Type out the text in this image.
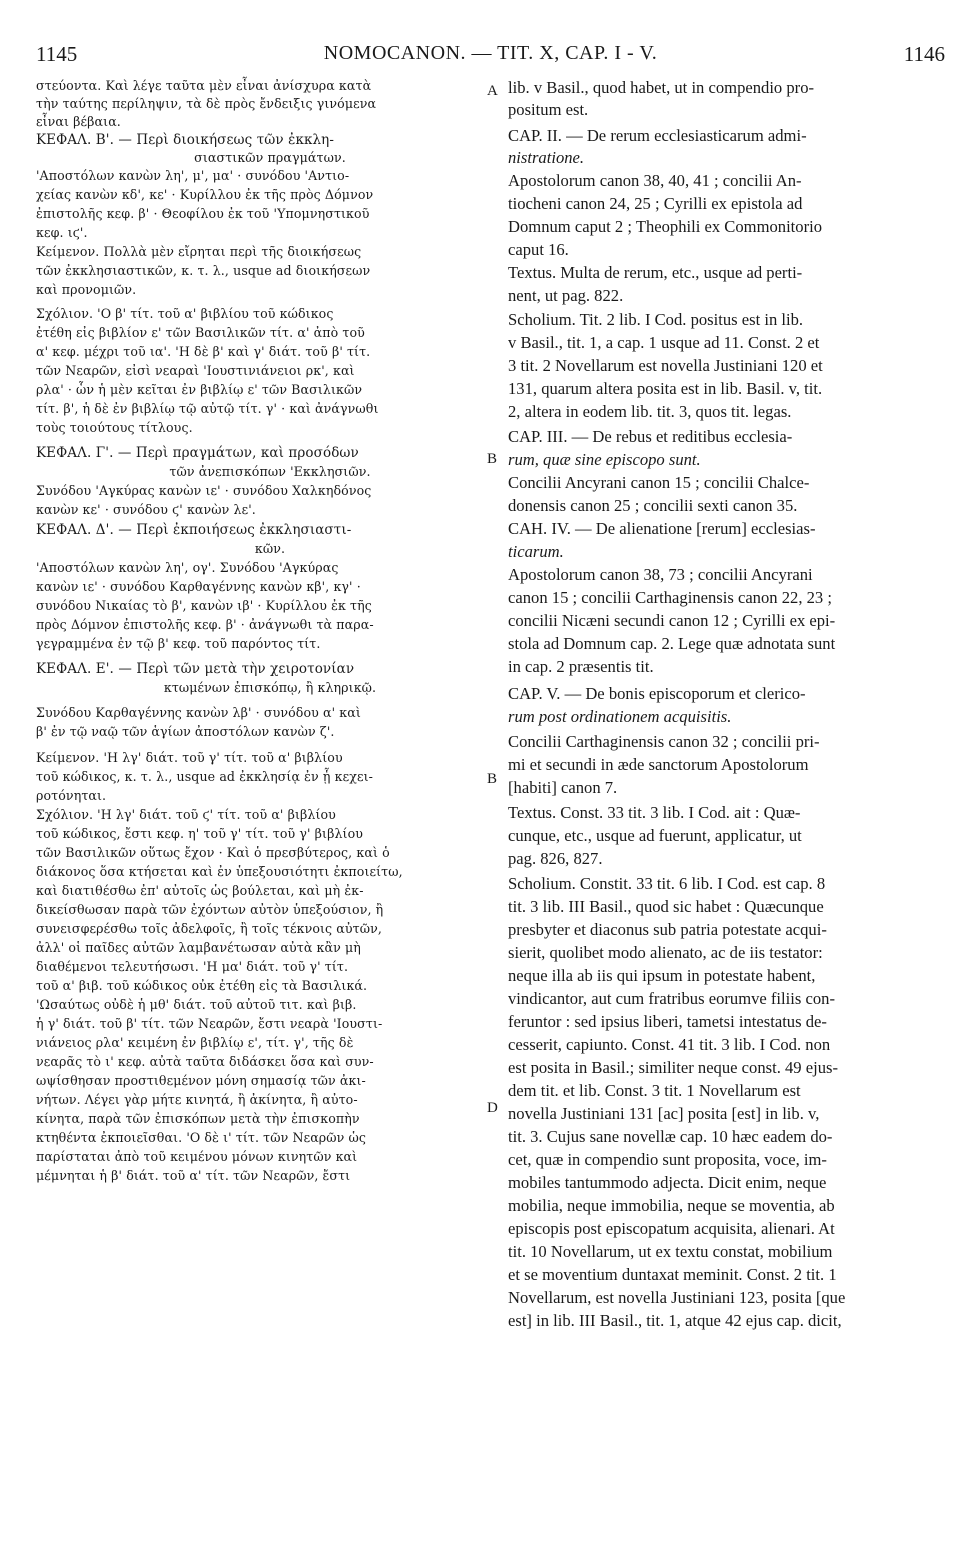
1145	NOMOCANON. — TIT. X, CAP. I - V.	1146
στεύοντα. Καὶ λέγε ταῦτα μὲν εἶναι ἀνίσχυρα κατὰ
τὴν ταύτης περίληψιν, τὰ δὲ πρὸς ἔνδειξις γινόμενα
εἶναι βέβαια.
ΚΕΦΑΛ. Β'. — Περὶ διοικήσεως τῶν ἐκκλη-
σιαστικῶν πραγμάτων.
'Αποστόλων κανὼν λη', μ', μα' · συνόδου 'Αντιο-
χείας κανὼν κδ', κε' · Κυρίλλου ἐκ τῆς πρὸς Δόμνον
ἐπιστολῆς κεφ. β' · Θεοφίλου ἐκ τοῦ 'Υπομνηστικοῦ
κεφ. ιϛ'.
Κείμενον. Πολλὰ μὲν εἴρηται περὶ τῆς διοικήσεως
τῶν ἐκκλησιαστικῶν, κ. τ. λ., usque ad διοικήσεων
καὶ προνομιῶν.
Σχόλιον. 'Ο β' τίτ. τοῦ α' βιβλίου τοῦ κώδικος
ἐτέθη εἰς βιβλίον ε' τῶν Βασιλικῶν τίτ. α' ἀπὸ τοῦ
α' κεφ. μέχρι τοῦ ια'. 'Η δὲ β' καὶ γ' διάτ. τοῦ β' τίτ.
τῶν Νεαρῶν, εἰσὶ νεαραὶ 'Ιουστινιάνειοι ρκ', καὶ
ρλα' · ὧν ἡ μὲν κεῖται ἐν βιβλίῳ ε' τῶν Βασιλικῶν
τίτ. β', ἡ δὲ ἐν βιβλίῳ τῷ αὐτῷ τίτ. γ' · καὶ ἀνάγνωθι
τοὺς τοιούτους τίτλους.
ΚΕΦΑΛ. Γ'. — Περὶ πραγμάτων, καὶ προσόδων
τῶν ἀνεπισκόπων 'Εκκλησιῶν.
Συνόδου 'Αγκύρας κανὼν ιε' · συνόδου Χαλκηδόνος
κανὼν κε' · συνόδου ϛ' κανὼν λε'.
ΚΕΦΑΛ. Δ'. — Περὶ ἐκποιήσεως ἐκκλησιαστι-
κῶν.
'Αποστόλων κανὼν λη', ογ'. Συνόδου 'Αγκύρας
κανὼν ιε' · συνόδου Καρθαγέννης κανὼν κβ', κγ' ·
συνόδου Νικαίας τὸ β', κανὼν ιβ' · Κυρίλλου ἐκ τῆς
πρὸς Δόμνον ἐπιστολῆς κεφ. β' · ἀνάγνωθι τὰ παρα-
γεγραμμένα ἐν τῷ β' κεφ. τοῦ παρόντος τίτ.
ΚΕΦΑΛ. Ε'. — Περὶ τῶν μετὰ τὴν χειροτονίαν
κτωμένων ἐπισκόπῳ, ἢ κληρικῷ.
Συνόδου Καρθαγέννης κανὼν λβ' · συνόδου α' καὶ
β' ἐν τῷ ναῷ τῶν ἁγίων ἀποστόλων κανὼν ζ'.
Κείμενον. 'Η λγ' διάτ. τοῦ γ' τίτ. τοῦ α' βιβλίου
τοῦ κώδικος, κ. τ. λ., usque ad ἐκκλησίᾳ ἐν ᾗ κεχει-
ροτόνηται.
Σχόλιον. 'Η λγ' διάτ. τοῦ ϛ' τίτ. τοῦ α' βιβλίου
τοῦ κώδικος, ἔστι κεφ. η' τοῦ γ' τίτ. τοῦ γ' βιβλίου
τῶν Βασιλικῶν οὕτως ἔχον · Καὶ ὁ πρεσβύτερος, καὶ ὁ
διάκονος ὅσα κτήσεται καὶ ἐν ὑπεξουσιότητι ἐκποιείτω,
καὶ διατιθέσθω ἐπ' αὐτοῖς ὡς βούλεται, καὶ μὴ ἐκ-
δικείσθωσαν παρὰ τῶν ἐχόντων αὐτὸν ὑπεξούσιον, ἢ
συνεισφερέσθω τοῖς ἀδελφοῖς, ἢ τοῖς τέκνοις αὐτῶν,
ἀλλ' οἱ παῖδες αὐτῶν λαμβανέτωσαν αὐτὰ κἂν μὴ
διαθέμενοι τελευτήσωσι. 'Η μα' διάτ. τοῦ γ' τίτ.
τοῦ α' βιβ. τοῦ κώδικος οὐκ ἐτέθη εἰς τὰ Βασιλικά.
'Ωσαύτως οὐδὲ ἡ μθ' διάτ. τοῦ αὐτοῦ τιτ. καὶ βιβ.
ἡ γ' διάτ. τοῦ β' τίτ. τῶν Νεαρῶν, ἔστι νεαρὰ 'Ιουστι-
νιάνειος ρλα' κειμένη ἐν βιβλίῳ ε', τίτ. γ', τῆς δὲ
νεαρᾶς τὸ ι' κεφ. αὐτὰ ταῦτα διδάσκει ὅσα καὶ συν-
ωψίσθησαν προστιθεμένον μόνη σημασίᾳ τῶν ἀκι-
νήτων. Λέγει γὰρ μήτε κινητά, ἢ ἀκίνητα, ἢ αὐτο-
κίνητα, παρὰ τῶν ἐπισκόπων μετὰ τὴν ἐπισκοπὴν
κτηθέντα ἐκποιεῖσθαι. 'Ο δὲ ι' τίτ. τῶν Νεαρῶν ὡς
παρίσταται ἀπὸ τοῦ κειμένου μόνων κινητῶν καὶ
μέμνηται ἡ β' διάτ. τοῦ α' τίτ. τῶν Νεαρῶν, ἔστι
lib. v Basil., quod habet, ut in compendio pro-
positum est.
CAP. II. — De rerum ecclesiasticarum admi-
nistratione.
Apostolorum canon 38, 40, 41 ; concilii An-
tiocheni canon 24, 25 ; Cyrilli ex epistola ad
Domnum caput 2 ; Theophili ex Commonitorio
caput 16.
Textus. Multa de rerum, etc., usque ad perti-
nent, ut pag. 822.
Scholium. Tit. 2 lib. I Cod. positus est in lib.
v Basil., tit. 1, a cap. 1 usque ad 11. Const. 2 et
3 tit. 2 Novellarum est novella Justiniani 120 et
131, quarum altera posita est in lib. Basil. v, tit.
2, altera in eodem lib. tit. 3, quos tit. legas.
CAP. III. — De rebus et reditibus ecclesia-
rum, quæ sine episcopo sunt.
Concilii Ancyrani canon 15 ; concilii Chalce-
donensis canon 25 ; concilii sexti canon 35.
CAH. IV. — De alienatione [rerum] ecclesias-
ticarum.
Apostolorum canon 38, 73 ; concilii Ancyrani
canon 15 ; concilii Carthaginensis canon 22, 23 ;
concilii Nicæni secundi canon 12 ; Cyrilli ex epi-
stola ad Domnum cap. 2. Lege quæ adnotata sunt
in cap. 2 præsentis tit.
CAP. V. — De bonis episcoporum et clerico-
rum post ordinationem acquisitis.
Concilii Carthaginensis canon 32 ; concilii pri-
mi et secundi in æde sanctorum Apostolorum
[habiti] canon 7.
Textus. Const. 33 tit. 3 lib. I Cod. ait : Quæ-
cunque, etc., usque ad fuerunt, applicatur, ut
pag. 826, 827.
Scholium. Constit. 33 tit. 6 lib. I Cod. est cap. 8
tit. 3 lib. III Basil., quod sic habet : Quæcunque
presbyter et diaconus sub patria potestate acqui-
sierit, quolibet modo alienato, ac de iis testator:
neque illa ab iis qui ipsum in potestate habent,
vindicantor, aut cum fratribus eorumve filiis con-
feruntor : sed ipsius liberi, tametsi intestatus de-
cesserit, capiunto. Const. 41 tit. 3 lib. I Cod. non
est posita in Basil.; similiter neque const. 49 ejus-
dem tit. et lib. Const. 3 tit. 1 Novellarum est
novella Justiniani 131 [ac] posita [est] in lib. v,
tit. 3. Cujus sane novellæ cap. 10 hæc eadem do-
cet, quæ in compendio sunt proposita, voce, im-
mobiles tantummodo adjecta. Dicit enim, neque
mobilia, neque immobilia, neque se moventia, ab
episcopis post episcopatum acquisita, alienari. At
tit. 10 Novellarum, ut ex textu constat, mobilium
et se moventium duntaxat meminit. Const. 2 tit. 1
Novellarum, est novella Justiniani 123, posita [que
est] in lib. III Basil., tit. 1, atque 42 ejus cap. dicit,
A
B
B
D
